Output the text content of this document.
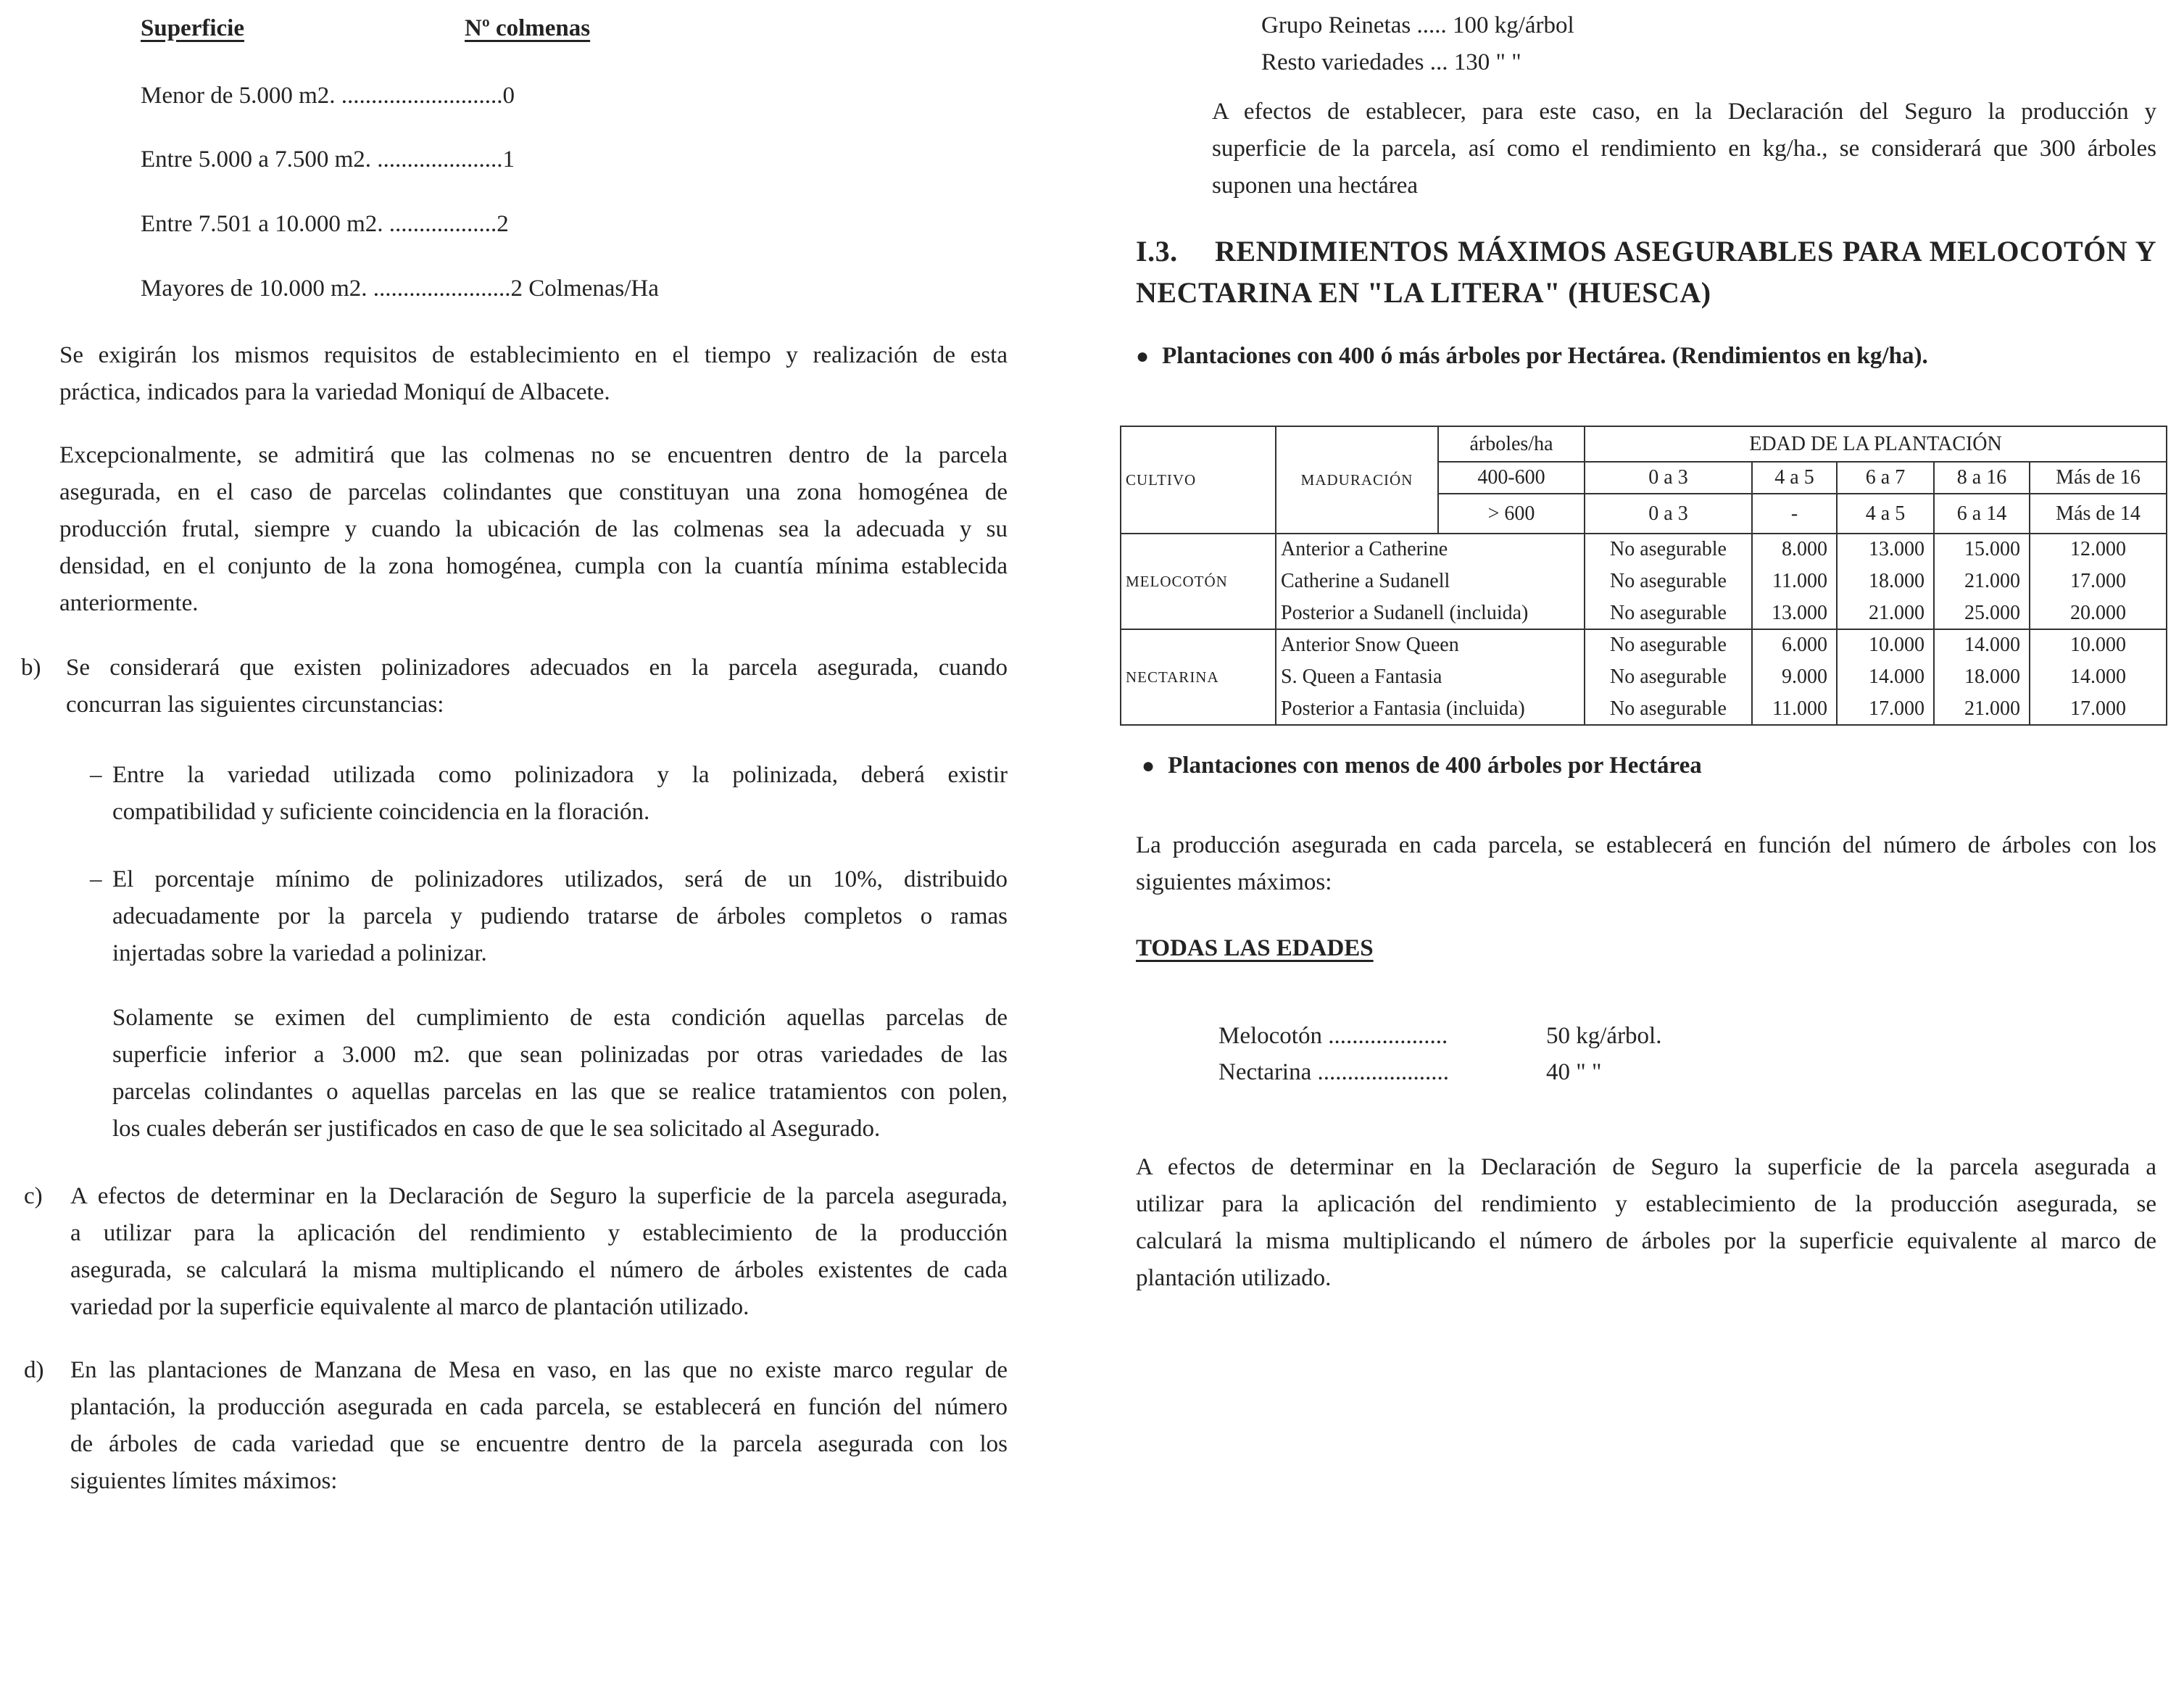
Superficie	Nº colmenas
Menor de 5.000 m2. ...........................0
Entre 5.000 a 7.500 m2. .....................1
Entre 7.501 a 10.000 m2. ..................2
Mayores de 10.000 m2. .......................2 Colmenas/Ha
Se exigirán los mismos requisitos de establecimiento en el tiempo y realización de esta
práctica, indicados para la variedad Moniquí de Albacete.
Excepcionalmente, se admitirá que las colmenas no se encuentren dentro de la parcela
asegurada, en el caso de parcelas colindantes que constituyan una zona homogénea de
producción frutal, siempre y cuando la ubicación de las colmenas sea la adecuada y su
densidad, en el conjunto de la zona homogénea, cumpla con la cuantía mínima establecida
anteriormente.
b) Se considerará que existen polinizadores adecuados en la parcela asegurada, cuando
concurran las siguientes circunstancias:
– Entre la variedad utilizada como polinizadora y la polinizada, deberá existir
compatibilidad y suficiente coincidencia en la floración.
– El porcentaje mínimo de polinizadores utilizados, será de un 10%, distribuido
adecuadamente por la parcela y pudiendo tratarse de árboles completos o ramas
injertadas sobre la variedad a polinizar.
Solamente se eximen del cumplimiento de esta condición aquellas parcelas de
superficie inferior a 3.000 m2. que sean polinizadas por otras variedades de las
parcelas colindantes o aquellas parcelas en las que se realice tratamientos con polen,
los cuales deberán ser justificados en caso de que le sea solicitado al Asegurado.
c) A efectos de determinar en la Declaración de Seguro la superficie de la parcela asegurada,
a utilizar para la aplicación del rendimiento y establecimiento de la producción
asegurada, se calculará la misma multiplicando el número de árboles existentes de cada
variedad por la superficie equivalente al marco de plantación utilizado.
d) En las plantaciones de Manzana de Mesa en vaso, en las que no existe marco regular de
plantación, la producción asegurada en cada parcela, se establecerá en función del número
de árboles de cada variedad que se encuentre dentro de la parcela asegurada con los
siguientes límites máximos:
Grupo Reinetas ..... 100 kg/árbol
Resto variedades ... 130 " "
A efectos de establecer, para este caso, en la Declaración del Seguro la producción y
superficie de la parcela, así como el rendimiento en kg/ha., se considerará que 300 árboles
suponen una hectárea
I.3. RENDIMIENTOS MÁXIMOS ASEGURABLES PARA MELOCOTÓN Y
NECTARINA EN "LA LITERA" (HUESCA)
● Plantaciones con 400 ó más árboles por Hectárea. (Rendimientos en kg/ha).
CULTIVO	MADURACIÓN	árboles/ha	EDAD DE LA PLANTACIÓN				
		400-600	0 a 3	4 a 5	6 a 7	8 a 16	Más de 16
		> 600	0 a 3	-	4 a 5	6 a 14	Más de 14
MELOCOTÓN	Anterior a Catherine		No asegurable	8.000	13.000	15.000	12.000
	Catherine a Sudanell		No asegurable	11.000	18.000	21.000	17.000
	Posterior a Sudanell (incluida)		No asegurable	13.000	21.000	25.000	20.000
NECTARINA	Anterior Snow Queen		No asegurable	6.000	10.000	14.000	10.000
	S. Queen a Fantasia		No asegurable	9.000	14.000	18.000	14.000
	Posterior a Fantasia (incluida)		No asegurable	11.000	17.000	21.000	17.000
● Plantaciones con menos de 400 árboles por Hectárea
La producción asegurada en cada parcela, se establecerá en función del número de árboles con los
siguientes máximos:
TODAS LAS EDADES
Melocotón ....................	50 kg/árbol.
Nectarina ......................	40 " "
A efectos de determinar en la Declaración de Seguro la superficie de la parcela asegurada a
utilizar para la aplicación del rendimiento y establecimiento de la producción asegurada, se
calculará la misma multiplicando el número de árboles por la superficie equivalente al marco de
plantación utilizado.
